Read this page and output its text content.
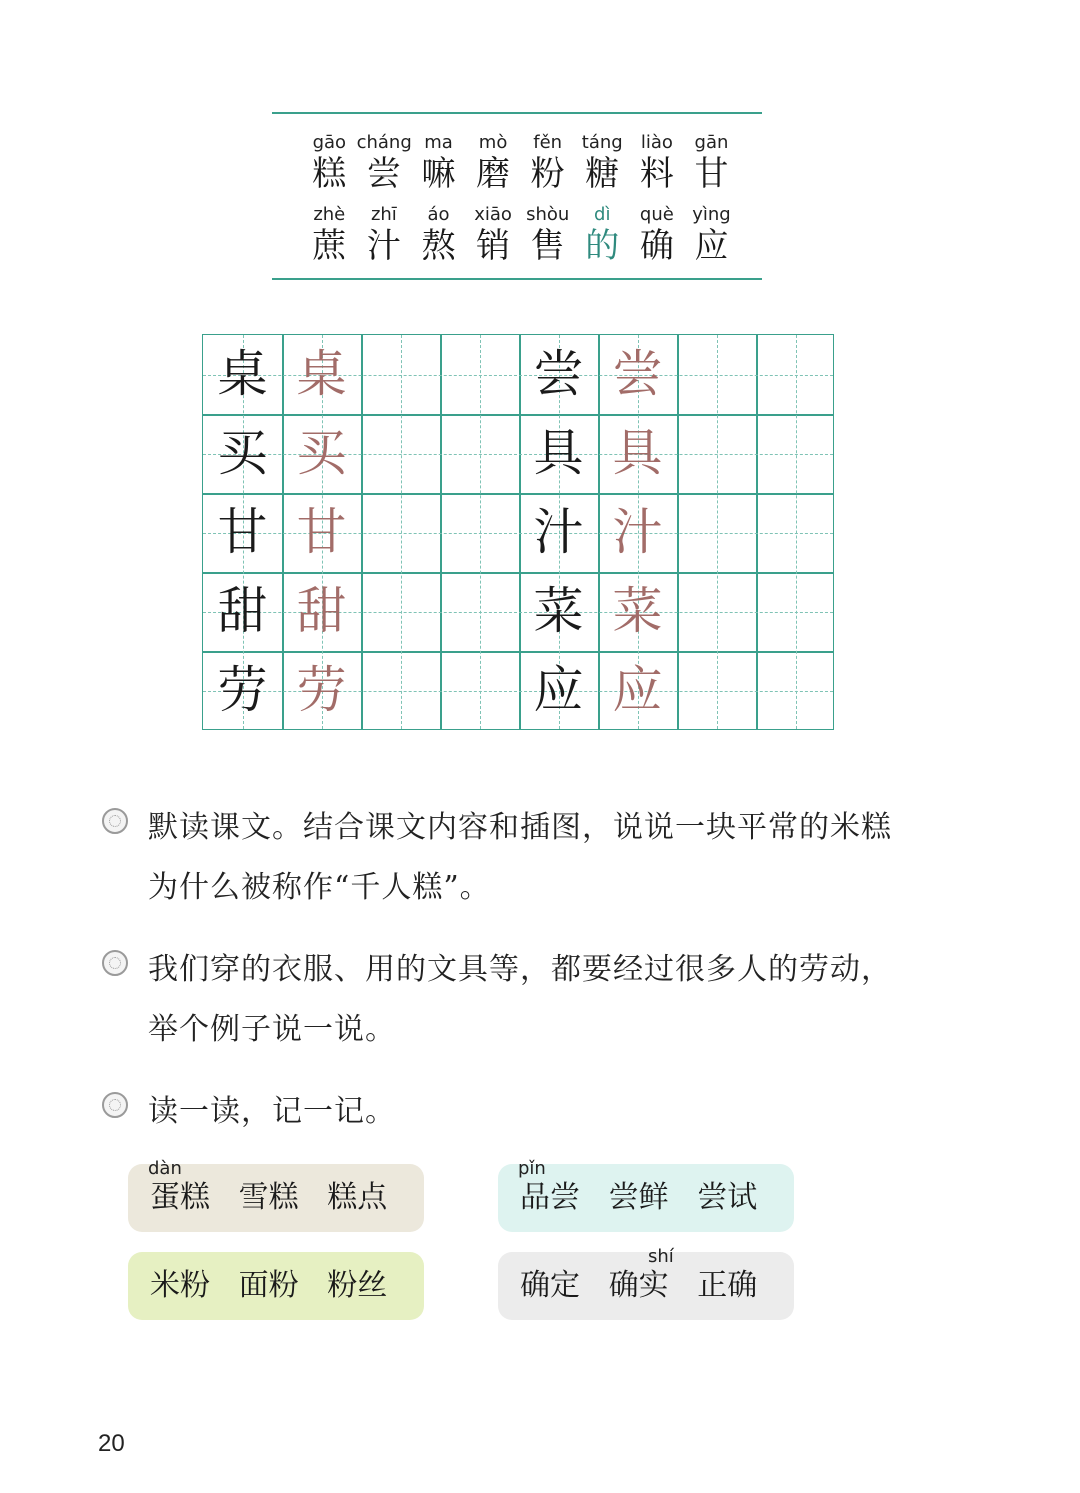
gāo
糕
cháng
尝
ma
嘛
mò
磨
fěn
粉
táng
糖
liào
料
gān
甘
zhè
蔗
zhī
汁
áo
熬
xiāo
销
shòu
售
dì
的
què
确
yìng
应
桌 桌
买 买
甘 甘
甜 甜
劳 劳
尝 尝
具 具
汁 汁
菜 菜
应 应
默读课文。结合课文内容和插图，说说一块平常的米糕
为什么被称作“千人糕”。
我们穿的衣服、用的文具等，都要经过很多人的劳动，
举个例子说一说。
读一读，记一记。
dàn
蛋糕   雪糕   糕点
pǐn
品尝   尝鲜   尝试
米粉   面粉   粉丝
shí
确定   确实   正确
20
